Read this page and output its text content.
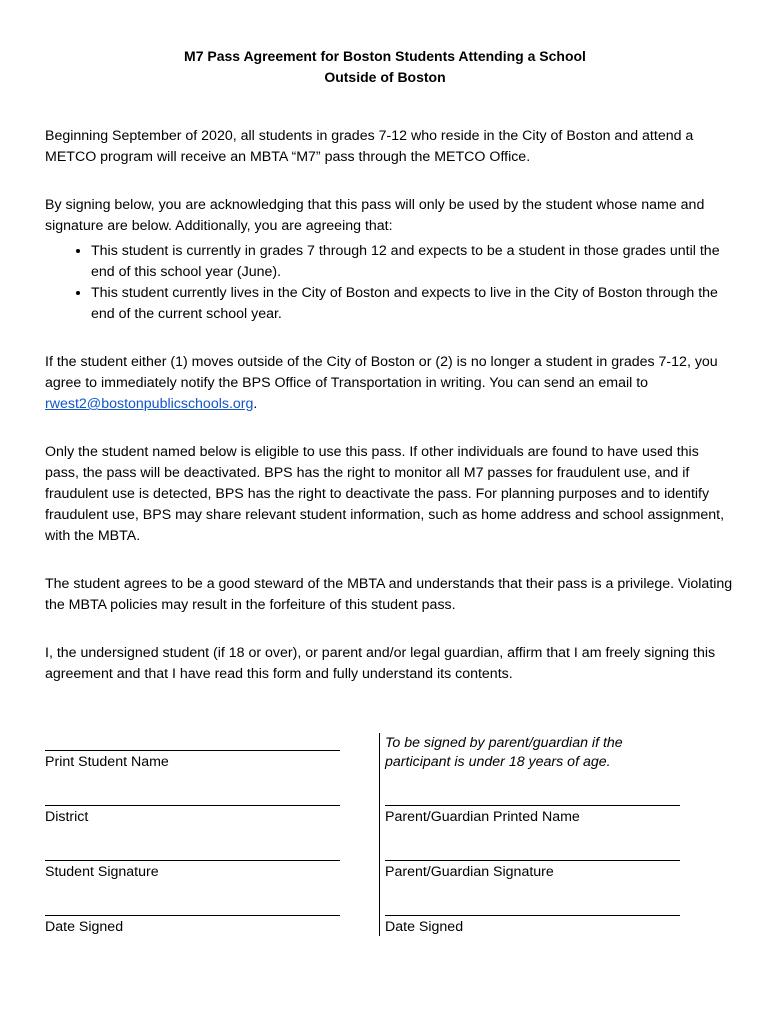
M7 Pass Agreement for Boston Students Attending a School
Outside of Boston

Beginning September of 2020, all students in grades 7-12 who reside in the City of Boston and attend a METCO program will receive an MBTA “M7” pass through the METCO Office.

By signing below, you are acknowledging that this pass will only be used by the student whose name and signature are below. Additionally, you are agreeing that:

• This student is currently in grades 7 through 12 and expects to be a student in those grades until the end of this school year (June).
• This student currently lives in the City of Boston and expects to live in the City of Boston through the end of the current school year.

If the student either (1) moves outside of the City of Boston or (2) is no longer a student in grades 7-12, you agree to immediately notify the BPS Office of Transportation in writing. You can send an email to rwest2@bostonpublicschools.org.

Only the student named below is eligible to use this pass. If other individuals are found to have used this pass, the pass will be deactivated. BPS has the right to monitor all M7 passes for fraudulent use, and if fraudulent use is detected, BPS has the right to deactivate the pass. For planning purposes and to identify fraudulent use, BPS may share relevant student information, such as home address and school assignment, with the MBTA.

The student agrees to be a good steward of the MBTA and understands that their pass is a privilege. Violating the MBTA policies may result in the forfeiture of this student pass.

I, the undersigned student (if 18 or over), or parent and/or legal guardian, affirm that I am freely signing this agreement and that I have read this form and fully understand its contents.

Print Student Name
District
Student Signature
Date Signed
To be signed by parent/guardian if the participant is under 18 years of age.
Parent/Guardian Printed Name
Parent/Guardian Signature
Date Signed
